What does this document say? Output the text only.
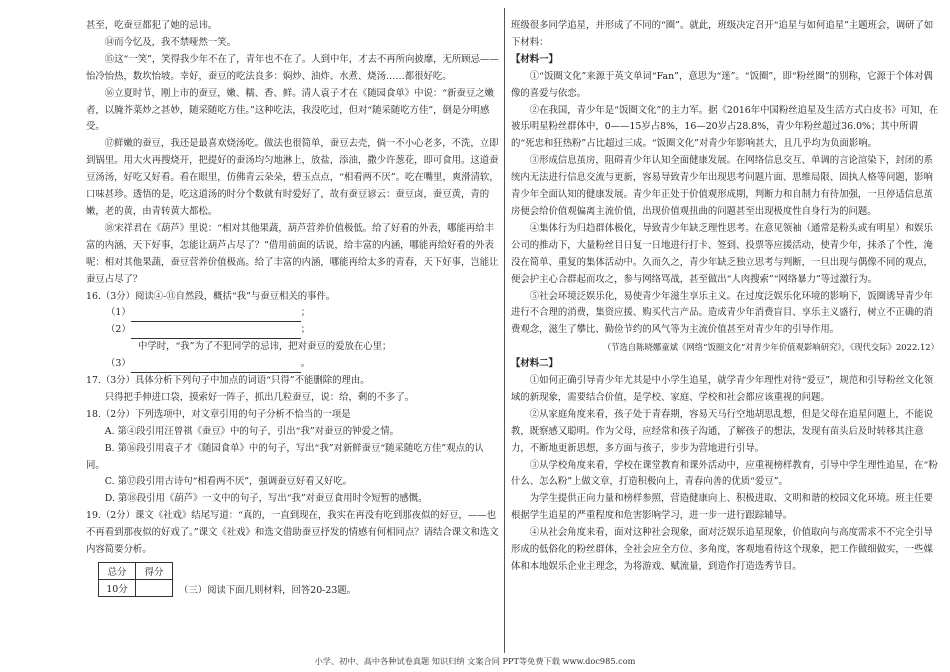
甚至，吃蚕豆都犯了她的忌讳。

⑭而今忆及，我不禁哑然一笑。

⑮这“一笑”，笑得我少年不在了，青年也不在了。人到中年，才去不再所向披靡，无所顾忌——怡冷怡热，数坎怡坡。幸好，蚕豆的吃法良多：焖炒、油炸、水煮、烧汤……都很好吃。

⑯立夏时节，刚上市的蚕豆，嫩、糯、香、鲜。清人袁子才在《随园食单》中说：“新蚕豆之嫩者，以腌芥菜炒之甚妙，随采随吃方佳。”这种吃法，我没吃过，但对“随采随吃方佳”，倒是分明感受。

⑰鲜嫩的蚕豆，我还是最喜欢烧汤吃。做法也很简单，蚕豆去壳，倘一不小心老多，不洗，立即到锅里。用大火再搜烧开，把提好的蚕汤均匀地淋上，放盐，添油，撒少许葱花，即可食用。这道蚕豆汤汤，好吃又好看。看在眼里，仿佛青云朵朵，碧玉点点，“相看两不厌”。吃在嘴里，爽滑清软，口味甚珍。透悟的是，吃这道汤的时分个数就有时爱好了，故有蚕豆谚云：蚕豆卤，蚕豆黄，青的嫩，老的黄，由青转黄大都松。

⑱宋祥君在《葫芦》里说：“相对其他果蔬，葫芦营养价值极低。给了好看的外表，哪能再给丰富的内涵，天下好事，怎能让葫芦占尽了？”借用前面的话说，给丰富的内涵，哪能再给好看的外表呢：相对其他果蔬，蚕豆营养价值极高。给了丰富的内涵，哪能再给太多的青春，天下好事，岂能让蚕豆占尽了？

16.（3分）阅读④-⑪自然段，概括“我”与蚕豆相关的事件。

（1）	；

（2）	；

中学时，“我”为了不犯同学的忌讳，把对蚕豆的爱放在心里；

（3）	。

17.（3分）具体分析下列句子中加点的词语“只得”不能删除的理由。

只得把手伸进口袋，摸索好一阵子，抓出几粒蚕豆，说：给，剩的不多了。

18.（2分）下列选项中，对文章引用的句子分析不恰当的一项是

A. 第④段引用汪曾祺《蚕豆》中的句子，引出“我”对蚕豆的钟爱之情。

B. 第⑯段引用袁子才《随园食单》中的句子，写出“我”对新鲜蚕豆“随采随吃方佳”观点的认同。

C. 第⑰段引用古诗句“相看两不厌”，强调蚕豆好看又好吃。

D. 第⑱段引用《葫芦》一文中的句子，写出“我”对蚕豆食用时令短暂的感慨。

19.（2分）课文《社戏》结尾写道：“真的，一直到现在，我实在再没有吃到那夜似的好豆，——也不再看到那夜似的好戏了。”课文《社戏》和选文借助蚕豆抒发的情感有何相同点？请结合课文和选文内容简要分析。

总分	得分
10分		（三）阅读下面几则材料，回答20-23题。

班级很多同学追星，并形成了不同的“圈”。就此，班级决定召开“追星与如何追星”主题班会，调研了如下材料：

【材料一】

①“饭圈文化”来源于英文单词“Fan”，意思为“迷”。“饭圈”，即“粉丝圈”的别称，它源于个体对偶像的喜爱与依恋。

②在我国，青少年是“饭圈文化”的主力军。据《2016年中国粉丝追星及生活方式白皮书》可知，在被乐明星粉丝群体中，0——15岁占8%，16—20岁占28.8%，青少年粉丝超过36.0%；其中所谓的“死忠和狂热粉”占比超过三成。“饭圈文化”对青少年影响甚大，且几乎均为负面影响。

③形成信息茧房，阻碍青少年认知全面健康发展。在网络信息交互、单调的言论渲染下，封闭的系统内无法进行信息交流与更新，容易导致青少年出现思考问题片面、思维局限、固执人格等问题，影响青少年全面认知的健康发展。青少年正处于价值观形成期，判断力和自制力有待加强，一旦停适信息茧房便会给价值观偏离主流价值，出现价值观扭曲的问题甚至出现极度性自身行为的问题。

④集体行为归趋群体极化，导致青少年缺乏理性思考。在意见领袖（通常是粉头或有明星）和娱乐公司的推动下，大量粉丝目日复一日地进行打卡、签到、投票等应援活动，使青少年，抹杀了个性，淹没在简单、重复的集体活动中。久而久之，青少年缺乏独立思考与判断，一旦出现与偶像不同的观点，便会护主心合群起而攻之，参与网络骂战，甚至做出“人肉搜索”“网络暴力”等过激行为。

⑤社会环境泛娱乐化，易使青少年滋生享乐主义。在过度泛娱乐化环境的影响下，饭圈诱导青少年进行不合理的消费，集资应援、购买代言产品。造成青少年消费盲目、享乐主义盛行，树立不正确的消费观念，滋生了攀比、勤俭节约的风气等为主流价值甚至对青少年的引导作用。

（节选自陈晓娜童斌《网络“饭圈文化”对青少年价值观影响研究》，《现代交际》2022.12）

【材料二】

①如何正确引导青少年尤其是中小学生追星，就学青少年理性对待“爱豆”，规范和引导粉丝文化领域的新现象，需要结合价值，是学校、家庭、学校和社会都应该重视的问题。

②从家庭角度来看，孩子处于青春期，容易天马行空地胡思乱想，但是父母在追星问题上，不能说教，既察感又聪明。作为父母，应经常和孩子沟通，了解孩子的想法，发现有苗头后及时转移其注意力，不断地更新思想，多方面与孩子，步步为营地进行引导。

③从学校角度来看，学校在课堂教育和课外活动中，应重视榜样教育，引导中学生理性追星，在“粉什么、怎么粉”上做文章，打造积极向上，青春向善的优质“爱豆”。

为学生提供正向力量和榜样参照，营造健康向上、积极进取、文明和谐的校园文化环境。班主任要根据学生追星的严重程度和危害影响学习，进一步一进行跟踪辅导。

④从社会角度来看，面对这种社会现象，面对泛娱乐追星现象，价值取向与高度需求不不完全引导形成的低俗化的粉丝群体，全社会应全方位、多角度，客观地看待这个现象，把工作做细做实，一些媒体和本地娱乐企业主理念，为将游戏、赋流量，到造作打造选秀节目。

小学、初中、高中各种试卷真题 知识归纳 文案合同 PPT等免费下载 www.doc985.com
